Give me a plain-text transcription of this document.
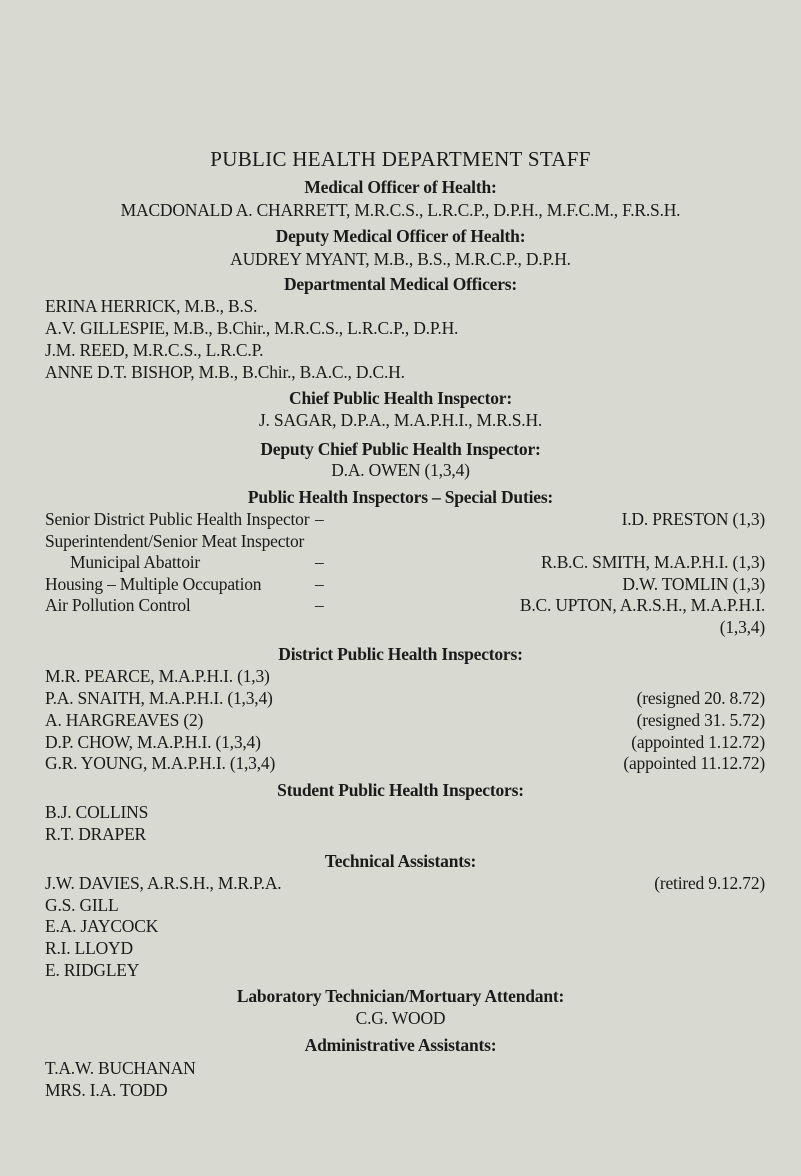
PUBLIC HEALTH DEPARTMENT STAFF
Medical Officer of Health:
MACDONALD A. CHARRETT, M.R.C.S., L.R.C.P., D.P.H., M.F.C.M., F.R.S.H.
Deputy Medical Officer of Health:
AUDREY MYANT, M.B., B.S., M.R.C.P., D.P.H.
Departmental Medical Officers:
ERINA HERRICK, M.B., B.S.
A.V. GILLESPIE, M.B., B.Chir., M.R.C.S., L.R.C.P., D.P.H.
J.M. REED, M.R.C.S., L.R.C.P.
ANNE D.T. BISHOP, M.B., B.Chir., B.A.C., D.C.H.
Chief Public Health Inspector:
J. SAGAR, D.P.A., M.A.P.H.I., M.R.S.H.
Deputy Chief Public Health Inspector:
D.A. OWEN (1,3,4)
Public Health Inspectors – Special Duties:
Senior District Public Health Inspector –	I.D. PRESTON (1,3)
Superintendent/Senior Meat Inspector
Municipal Abattoir	–	R.B.C. SMITH, M.A.P.H.I. (1,3)
Housing – Multiple Occupation	–	D.W. TOMLIN (1,3)
Air Pollution Control	–	B.C. UPTON, A.R.S.H., M.A.P.H.I.
(1,3,4)
District Public Health Inspectors:
M.R. PEARCE, M.A.P.H.I. (1,3)
P.A. SNAITH, M.A.P.H.I. (1,3,4)	(resigned 20. 8.72)
A. HARGREAVES (2)	(resigned 31. 5.72)
D.P. CHOW, M.A.P.H.I. (1,3,4)	(appointed 1.12.72)
G.R. YOUNG, M.A.P.H.I. (1,3,4)	(appointed 11.12.72)
Student Public Health Inspectors:
B.J. COLLINS
R.T. DRAPER
Technical Assistants:
J.W. DAVIES, A.R.S.H., M.R.P.A.	(retired 9.12.72)
G.S. GILL
E.A. JAYCOCK
R.I. LLOYD
E. RIDGLEY
Laboratory Technician/Mortuary Attendant:
C.G. WOOD
Administrative Assistants:
T.A.W. BUCHANAN
MRS. I.A. TODD
